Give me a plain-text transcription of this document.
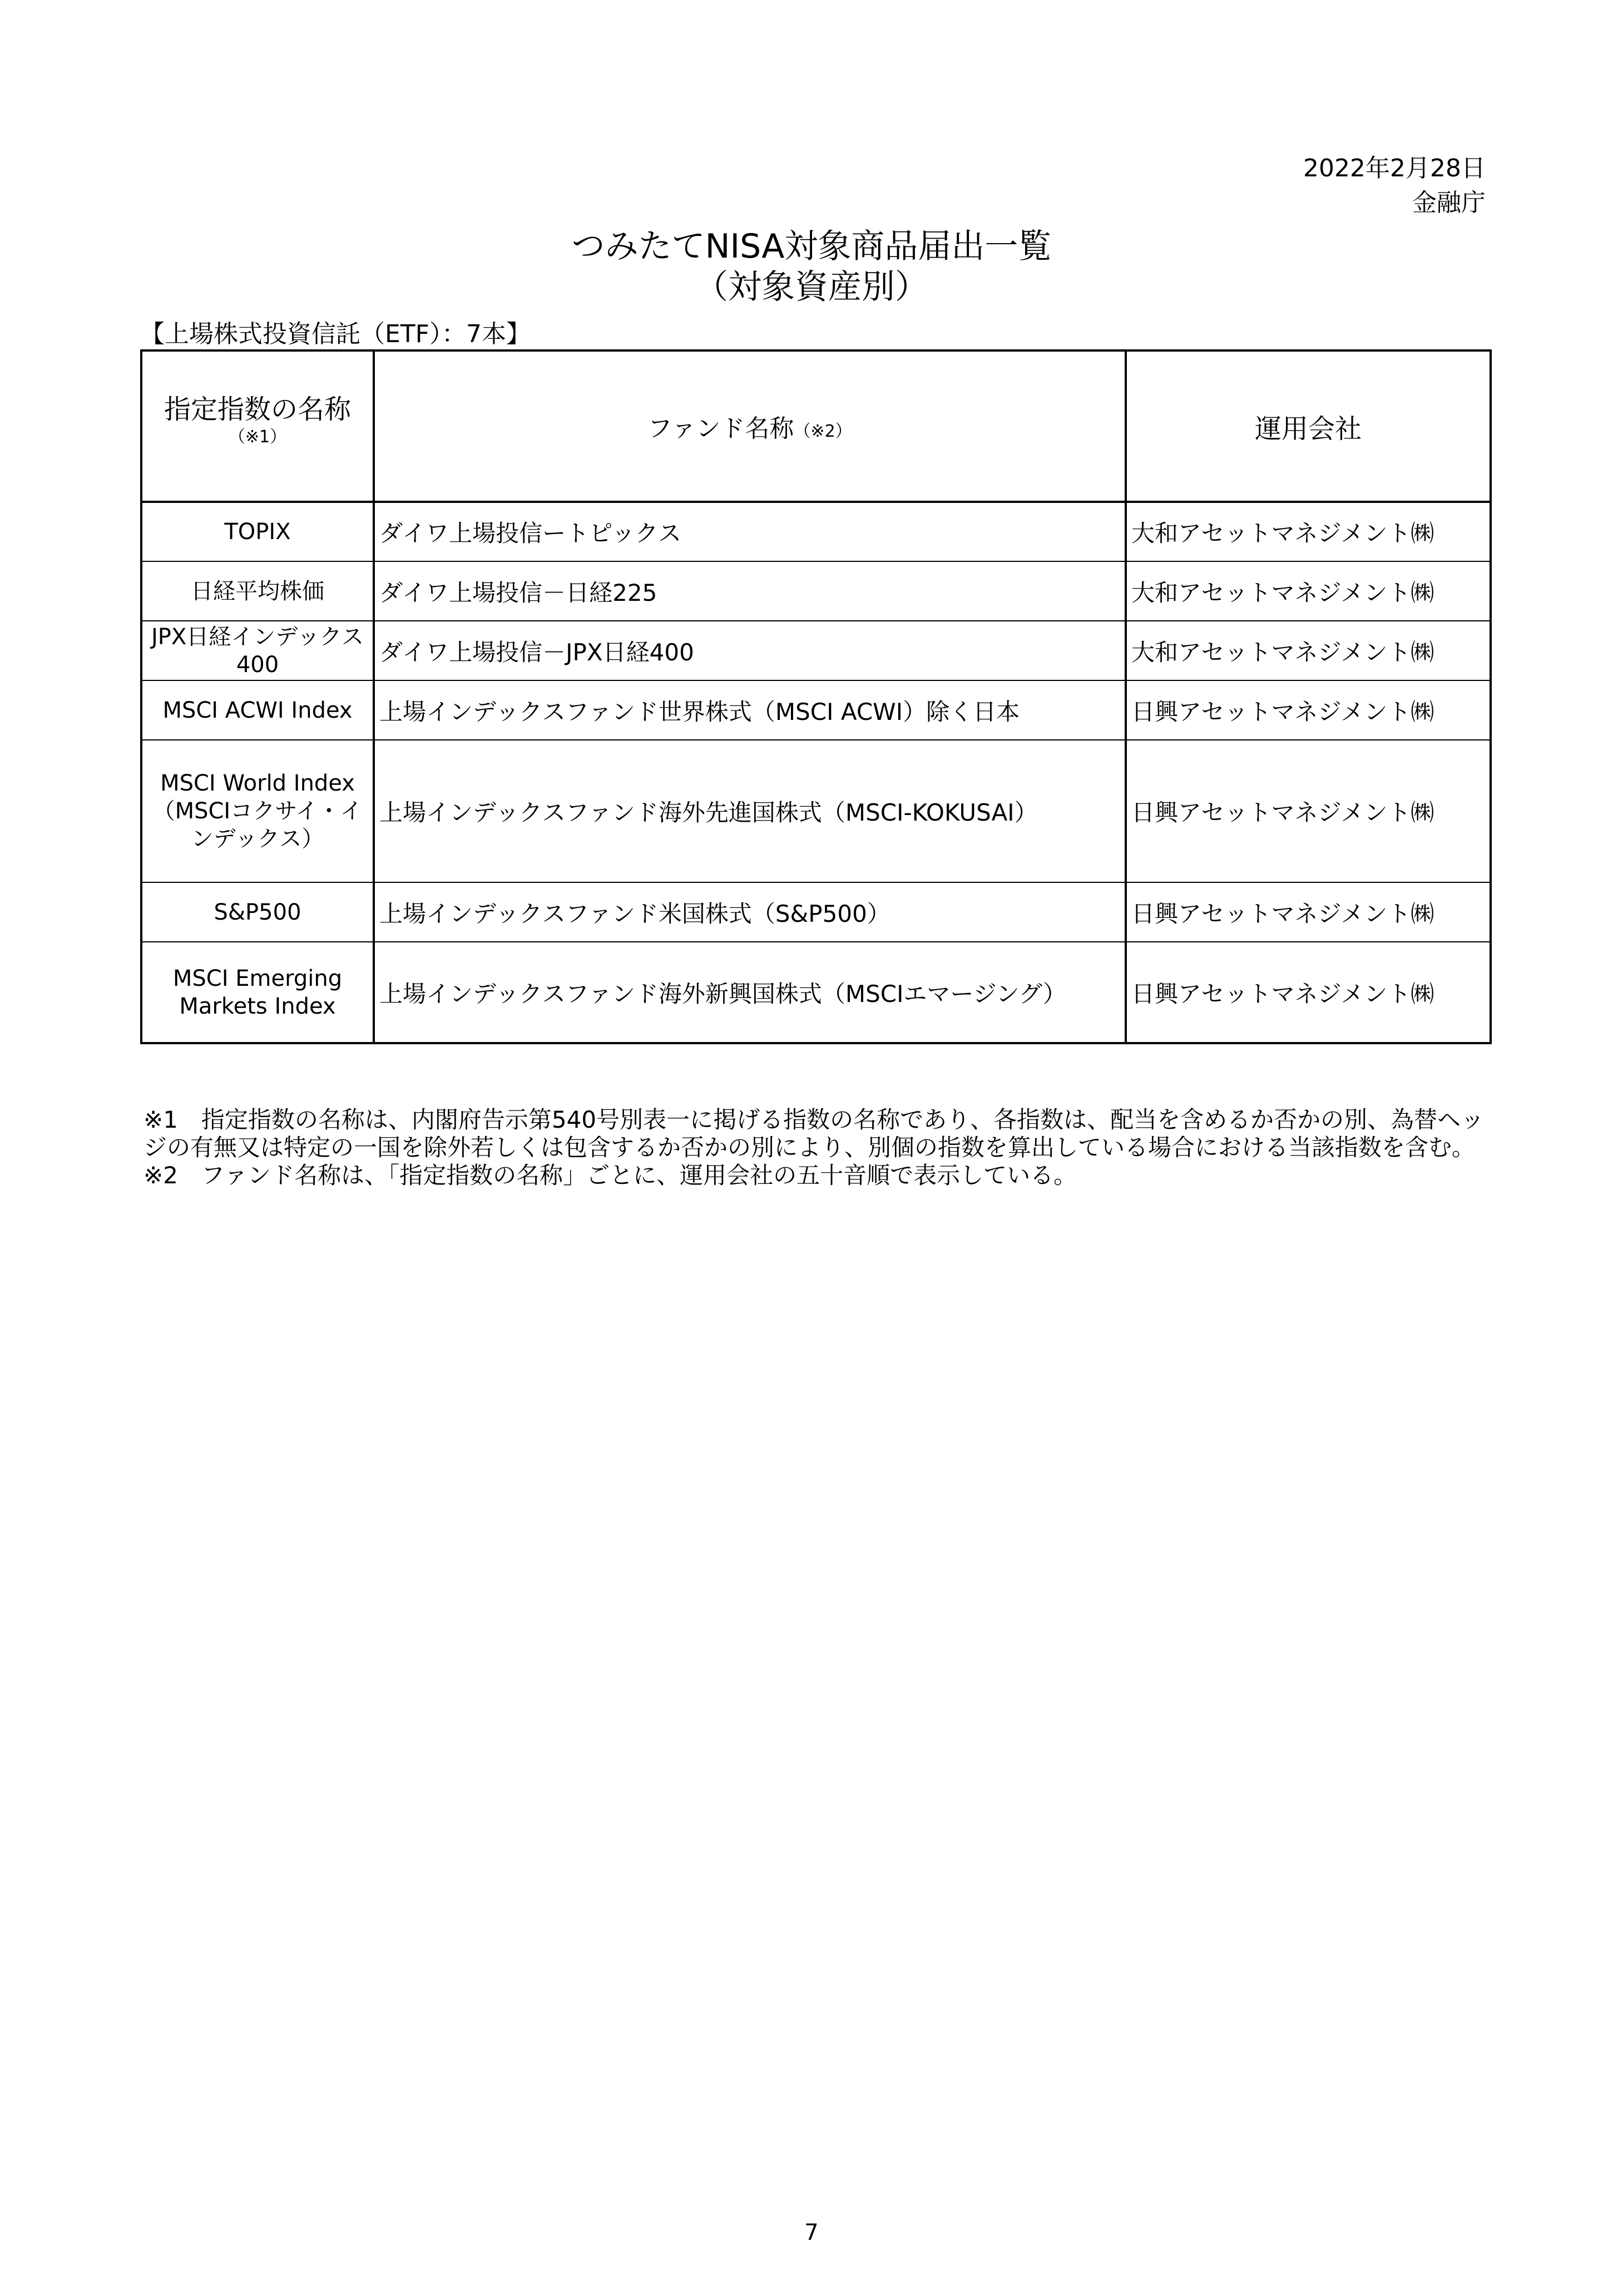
2022年2月28日
金融庁
つみたてNISA対象商品届出一覧
（対象資産別）
【上場株式投資信託（ETF）：7本】
指定指数の名称
（※1）	ファンド名称（※2）	運用会社
TOPIX	ダイワ上場投信ートピックス	大和アセットマネジメント㈱
日経平均株価	ダイワ上場投信－日経225	大和アセットマネジメント㈱
JPX日経インデックス400	ダイワ上場投信－JPX日経400	大和アセットマネジメント㈱
MSCI ACWI Index	上場インデックスファンド世界株式（MSCI ACWI）除く日本	日興アセットマネジメント㈱
MSCI World Index（MSCIコクサイ・インデックス）	上場インデックスファンド海外先進国株式（MSCI-KOKUSAI）	日興アセットマネジメント㈱
S&P500	上場インデックスファンド米国株式（S&P500）	日興アセットマネジメント㈱
MSCI Emerging Markets Index	上場インデックスファンド海外新興国株式（MSCIエマージング）	日興アセットマネジメント㈱

※1　指定指数の名称は、内閣府告示第540号別表一に掲げる指数の名称であり、各指数は、配当を含めるか否かの別、為替ヘッジの有無又は特定の一国を除外若しくは包含するか否かの別により、別個の指数を算出している場合における当該指数を含む。

※2　ファンド名称は、「指定指数の名称」ごとに、運用会社の五十音順で表示している。

7
